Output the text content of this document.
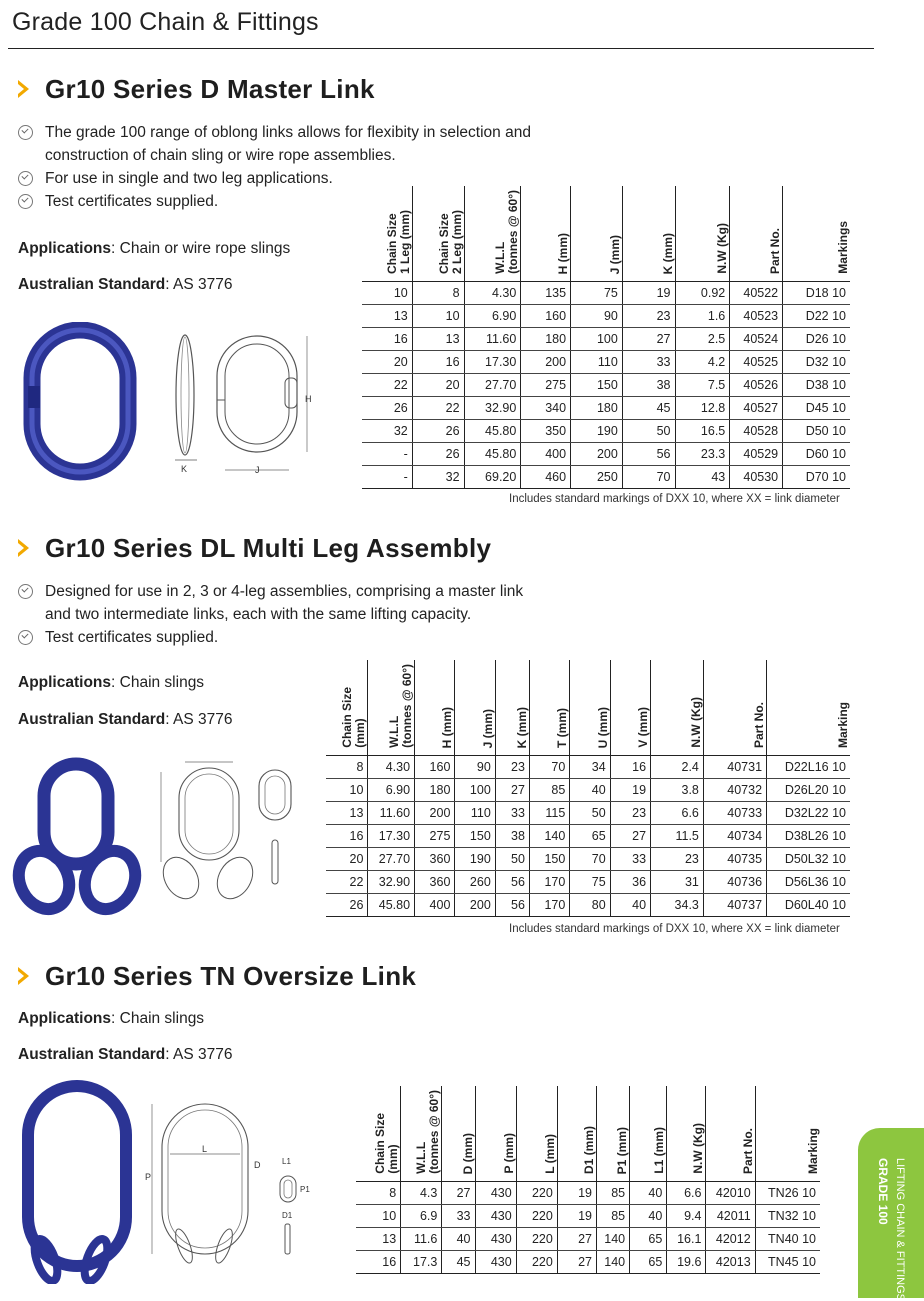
Grade 100 Chain & Fittings
Gr10 Series D Master Link
The grade 100 range of oblong links allows for flexibity in selection and
construction of chain sling or wire rope assemblies.
For use in single and two leg applications.
Test certificates supplied.
Applications: Chain or wire rope slings
Australian Standard: AS 3776
H
J
K
Chain Size
1 Leg (mm)	Chain Size
2 Leg (mm)	W.L.L
(tonnes @ 60°)	H (mm)	J (mm)	K (mm)	N.W (Kg)	Part No.	Markings
10	8	4.30	135	75	19	0.92	40522	D18 10
13	10	6.90	160	90	23	1.6	40523	D22 10
16	13	11.60	180	100	27	2.5	40524	D26 10
20	16	17.30	200	110	33	4.2	40525	D32 10
22	20	27.70	275	150	38	7.5	40526	D38 10
26	22	32.90	340	180	45	12.8	40527	D45 10
32	26	45.80	350	190	50	16.5	40528	D50 10
-	26	45.80	400	200	56	23.3	40529	D60 10
-	32	69.20	460	250	70	43	40530	D70 10
Includes standard markings of DXX 10, where XX = link diameter
Gr10 Series DL Multi Leg Assembly
Designed for use in 2, 3 or 4-leg assemblies, comprising a master link
and two intermediate links, each with the same lifting capacity.
Test certificates supplied.
Applications: Chain slings
Australian Standard: AS 3776	Chain Size
(mm)	W.L.L
(tonnes @ 60°)	H (mm)	J (mm)	K (mm)	T (mm)	U (mm)	V (mm)	N.W (Kg)	Part No.	Marking
8	4.30	160	90	23	70	34	16	2.4	40731	D22L16 10
10	6.90	180	100	27	85	40	19	3.8	40732	D26L20 10
13	11.60	200	110	33	115	50	23	6.6	40733	D32L22 10
16	17.30	275	150	38	140	65	27	11.5	40734	D38L26 10
20	27.70	360	190	50	150	70	33	23	40735	D50L32 10
22	32.90	360	260	56	170	75	36	31	40736	D56L36 10
26	45.80	400	200	56	170	80	40	34.3	40737	D60L40 10
Includes standard markings of DXX 10, where XX = link diameter
Gr10 Series TN Oversize Link
Applications: Chain slings
Australian Standard: AS 3776
P
L
D	L1
P1
D1
Chain Size
(mm)	W.L.L
(tonnes @ 60°)	D (mm)	P (mm)	L (mm)	D1 (mm)	P1 (mm)	L1 (mm)	N.W (Kg)	Part No.	Marking
8	4.3	27	430	220	19	85	40	6.6	42010	TN26 10
10	6.9	33	430	220	19	85	40	9.4	42011	TN32 10
13	11.6	40	430	220	27	140	65	16.1	42012	TN40 10
16	17.3	45	430	220	27	140	65	19.6	42013	TN45 10
GRADE 100 LIFTING CHAIN & FITTINGS
